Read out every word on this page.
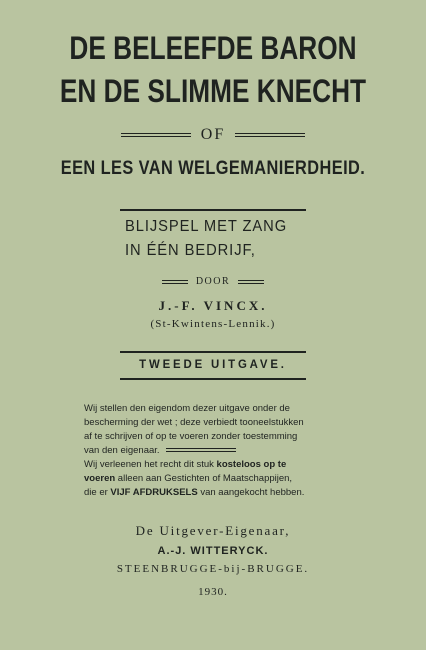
DE BELEEFDE BARON
EN DE SLIMME KNECHT
OF
EEN LES VAN WELGEMANIERDHEID.
BLIJSPEL MET ZANG
IN ÉÉN BEDRIJF,
DOOR
J.-F. VINCX.
(St-Kwintens-Lennik.)
TWEEDE UITGAVE.
Wij stellen den eigendom dezer uitgave onder de
bescherming der wet ; deze verbiedt tooneelstukken
af te schrijven of op te voeren zonder toestemming
van den eigenaar.
Wij verleenen het recht dit stuk kosteloos op te
voeren alleen aan Gestichten of Maatschappijen,
die er VIJF AFDRUKSELS van aangekocht hebben.
De Uitgever-Eigenaar,
A.-J. WITTERYCK.
STEENBRUGGE-bij-BRUGGE.
1930.
